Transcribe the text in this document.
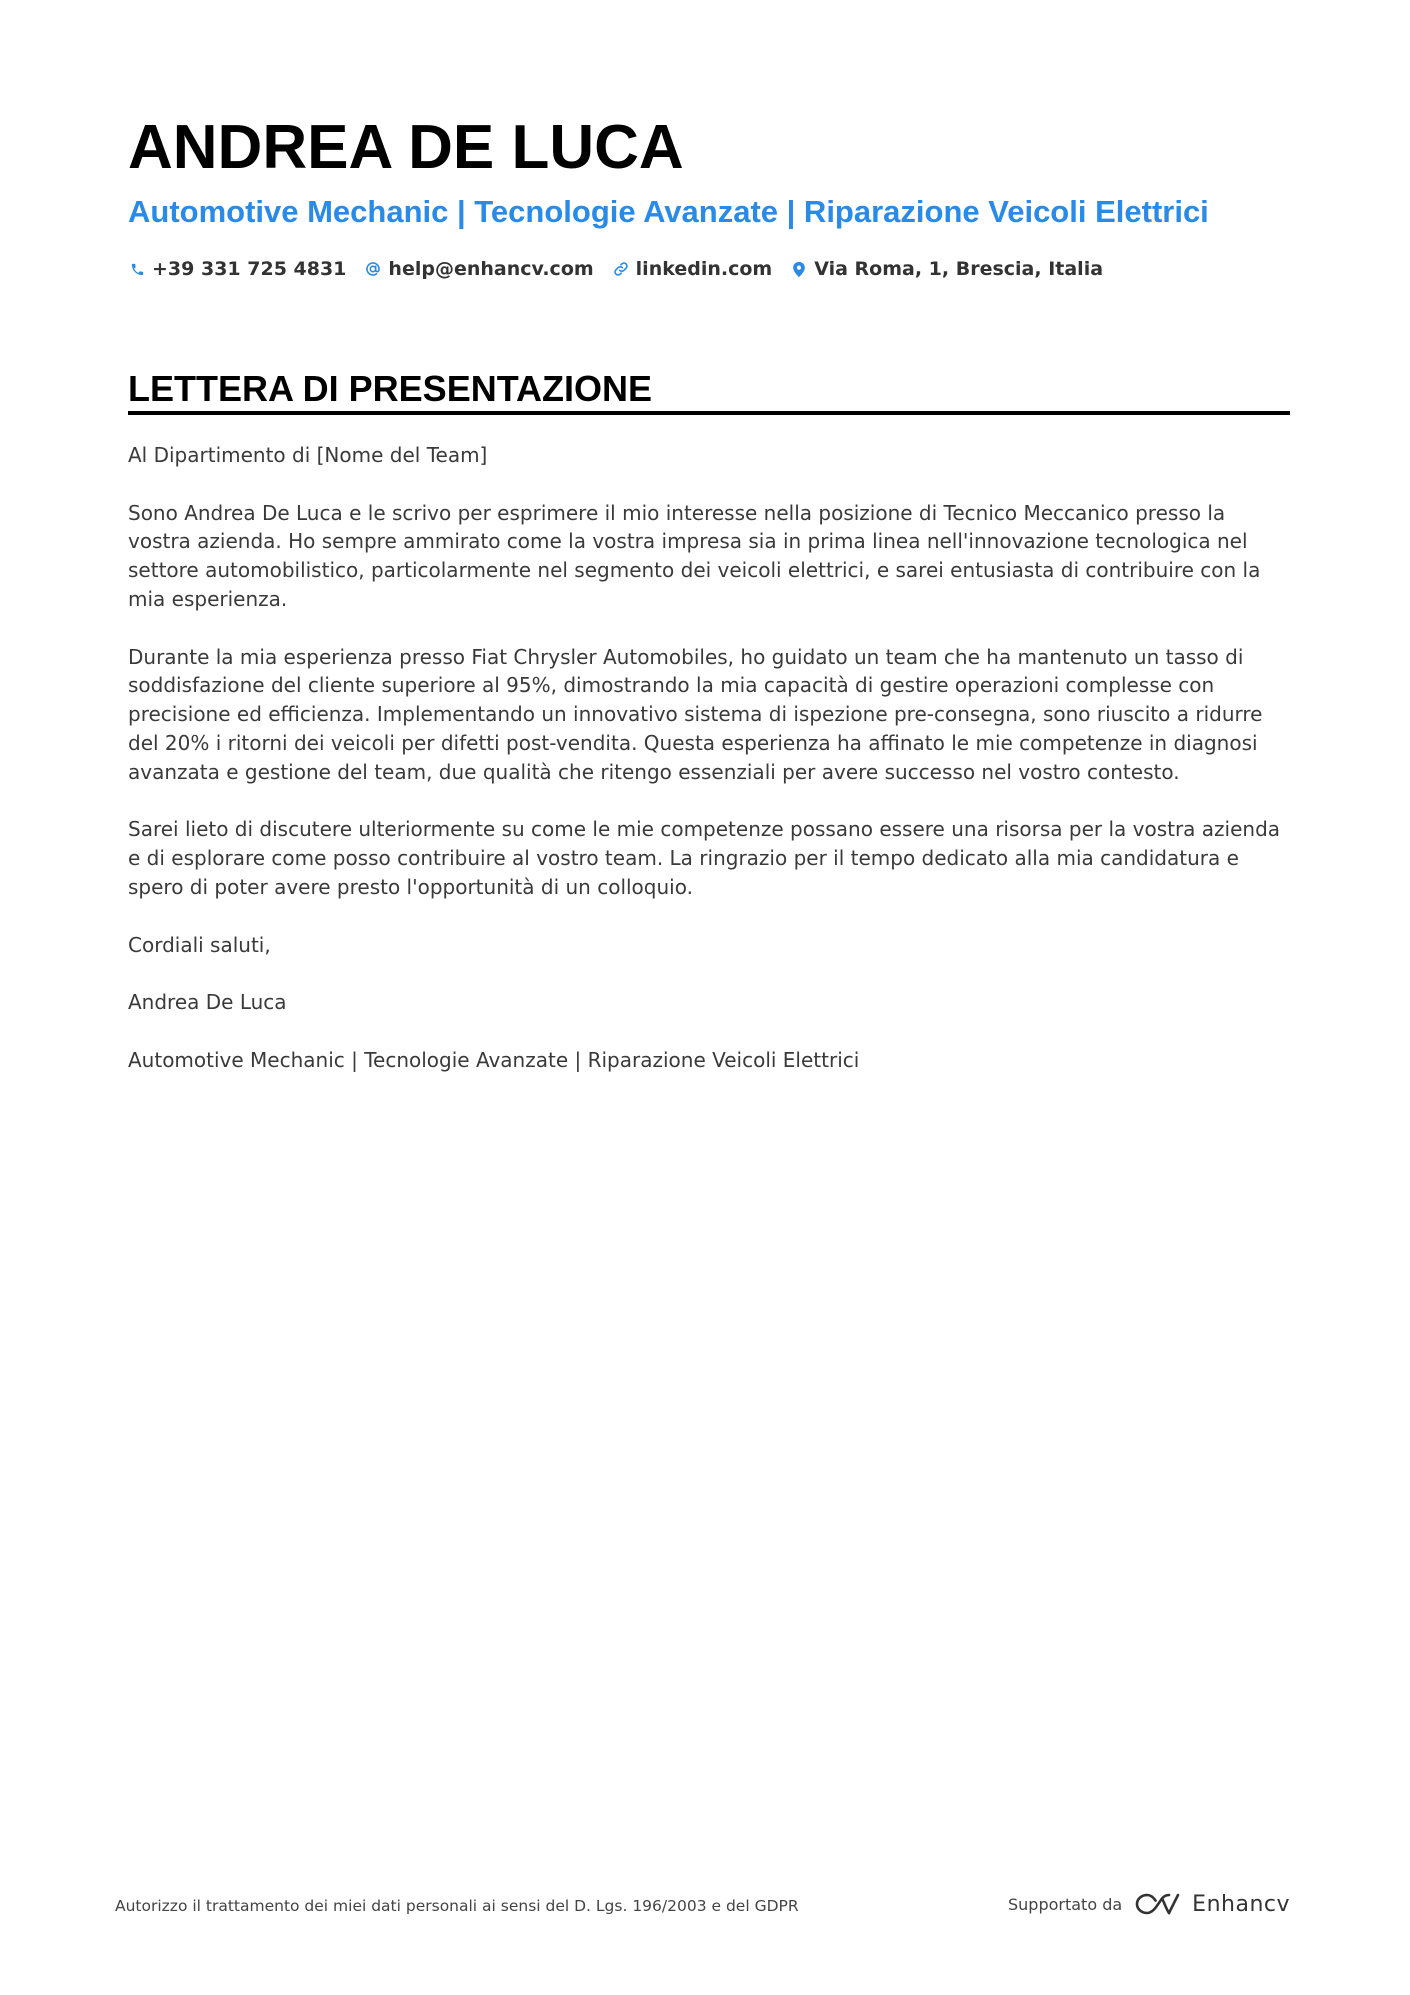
ANDREA DE LUCA
Automotive Mechanic | Tecnologie Avanzate | Riparazione Veicoli Elettrici
+39 331 725 4831 help@enhancv.com linkedin.com Via Roma, 1, Brescia, Italia
LETTERA DI PRESENTAZIONE

Al Dipartimento di [Nome del Team]

Sono Andrea De Luca e le scrivo per esprimere il mio interesse nella posizione di Tecnico Meccanico presso la vostra azienda. Ho sempre ammirato come la vostra impresa sia in prima linea nell'innovazione tecnologica nel settore automobilistico, particolarmente nel segmento dei veicoli elettrici, e sarei entusiasta di contribuire con la mia esperienza.

Durante la mia esperienza presso Fiat Chrysler Automobiles, ho guidato un team che ha mantenuto un tasso di soddisfazione del cliente superiore al 95%, dimostrando la mia capacità di gestire operazioni complesse con precisione ed efficienza. Implementando un innovativo sistema di ispezione pre-consegna, sono riuscito a ridurre del 20% i ritorni dei veicoli per difetti post-vendita. Questa esperienza ha affinato le mie competenze in diagnosi avanzata e gestione del team, due qualità che ritengo essenziali per avere successo nel vostro contesto.

Sarei lieto di discutere ulteriormente su come le mie competenze possano essere una risorsa per la vostra azienda e di esplorare come posso contribuire al vostro team. La ringrazio per il tempo dedicato alla mia candidatura e spero di poter avere presto l'opportunità di un colloquio.

Cordiali saluti,

Andrea De Luca

Automotive Mechanic | Tecnologie Avanzate | Riparazione Veicoli Elettrici

Autorizzo il trattamento dei miei dati personali ai sensi del D. Lgs. 196/2003 e del GDPR	Supportato da	Enhancv
